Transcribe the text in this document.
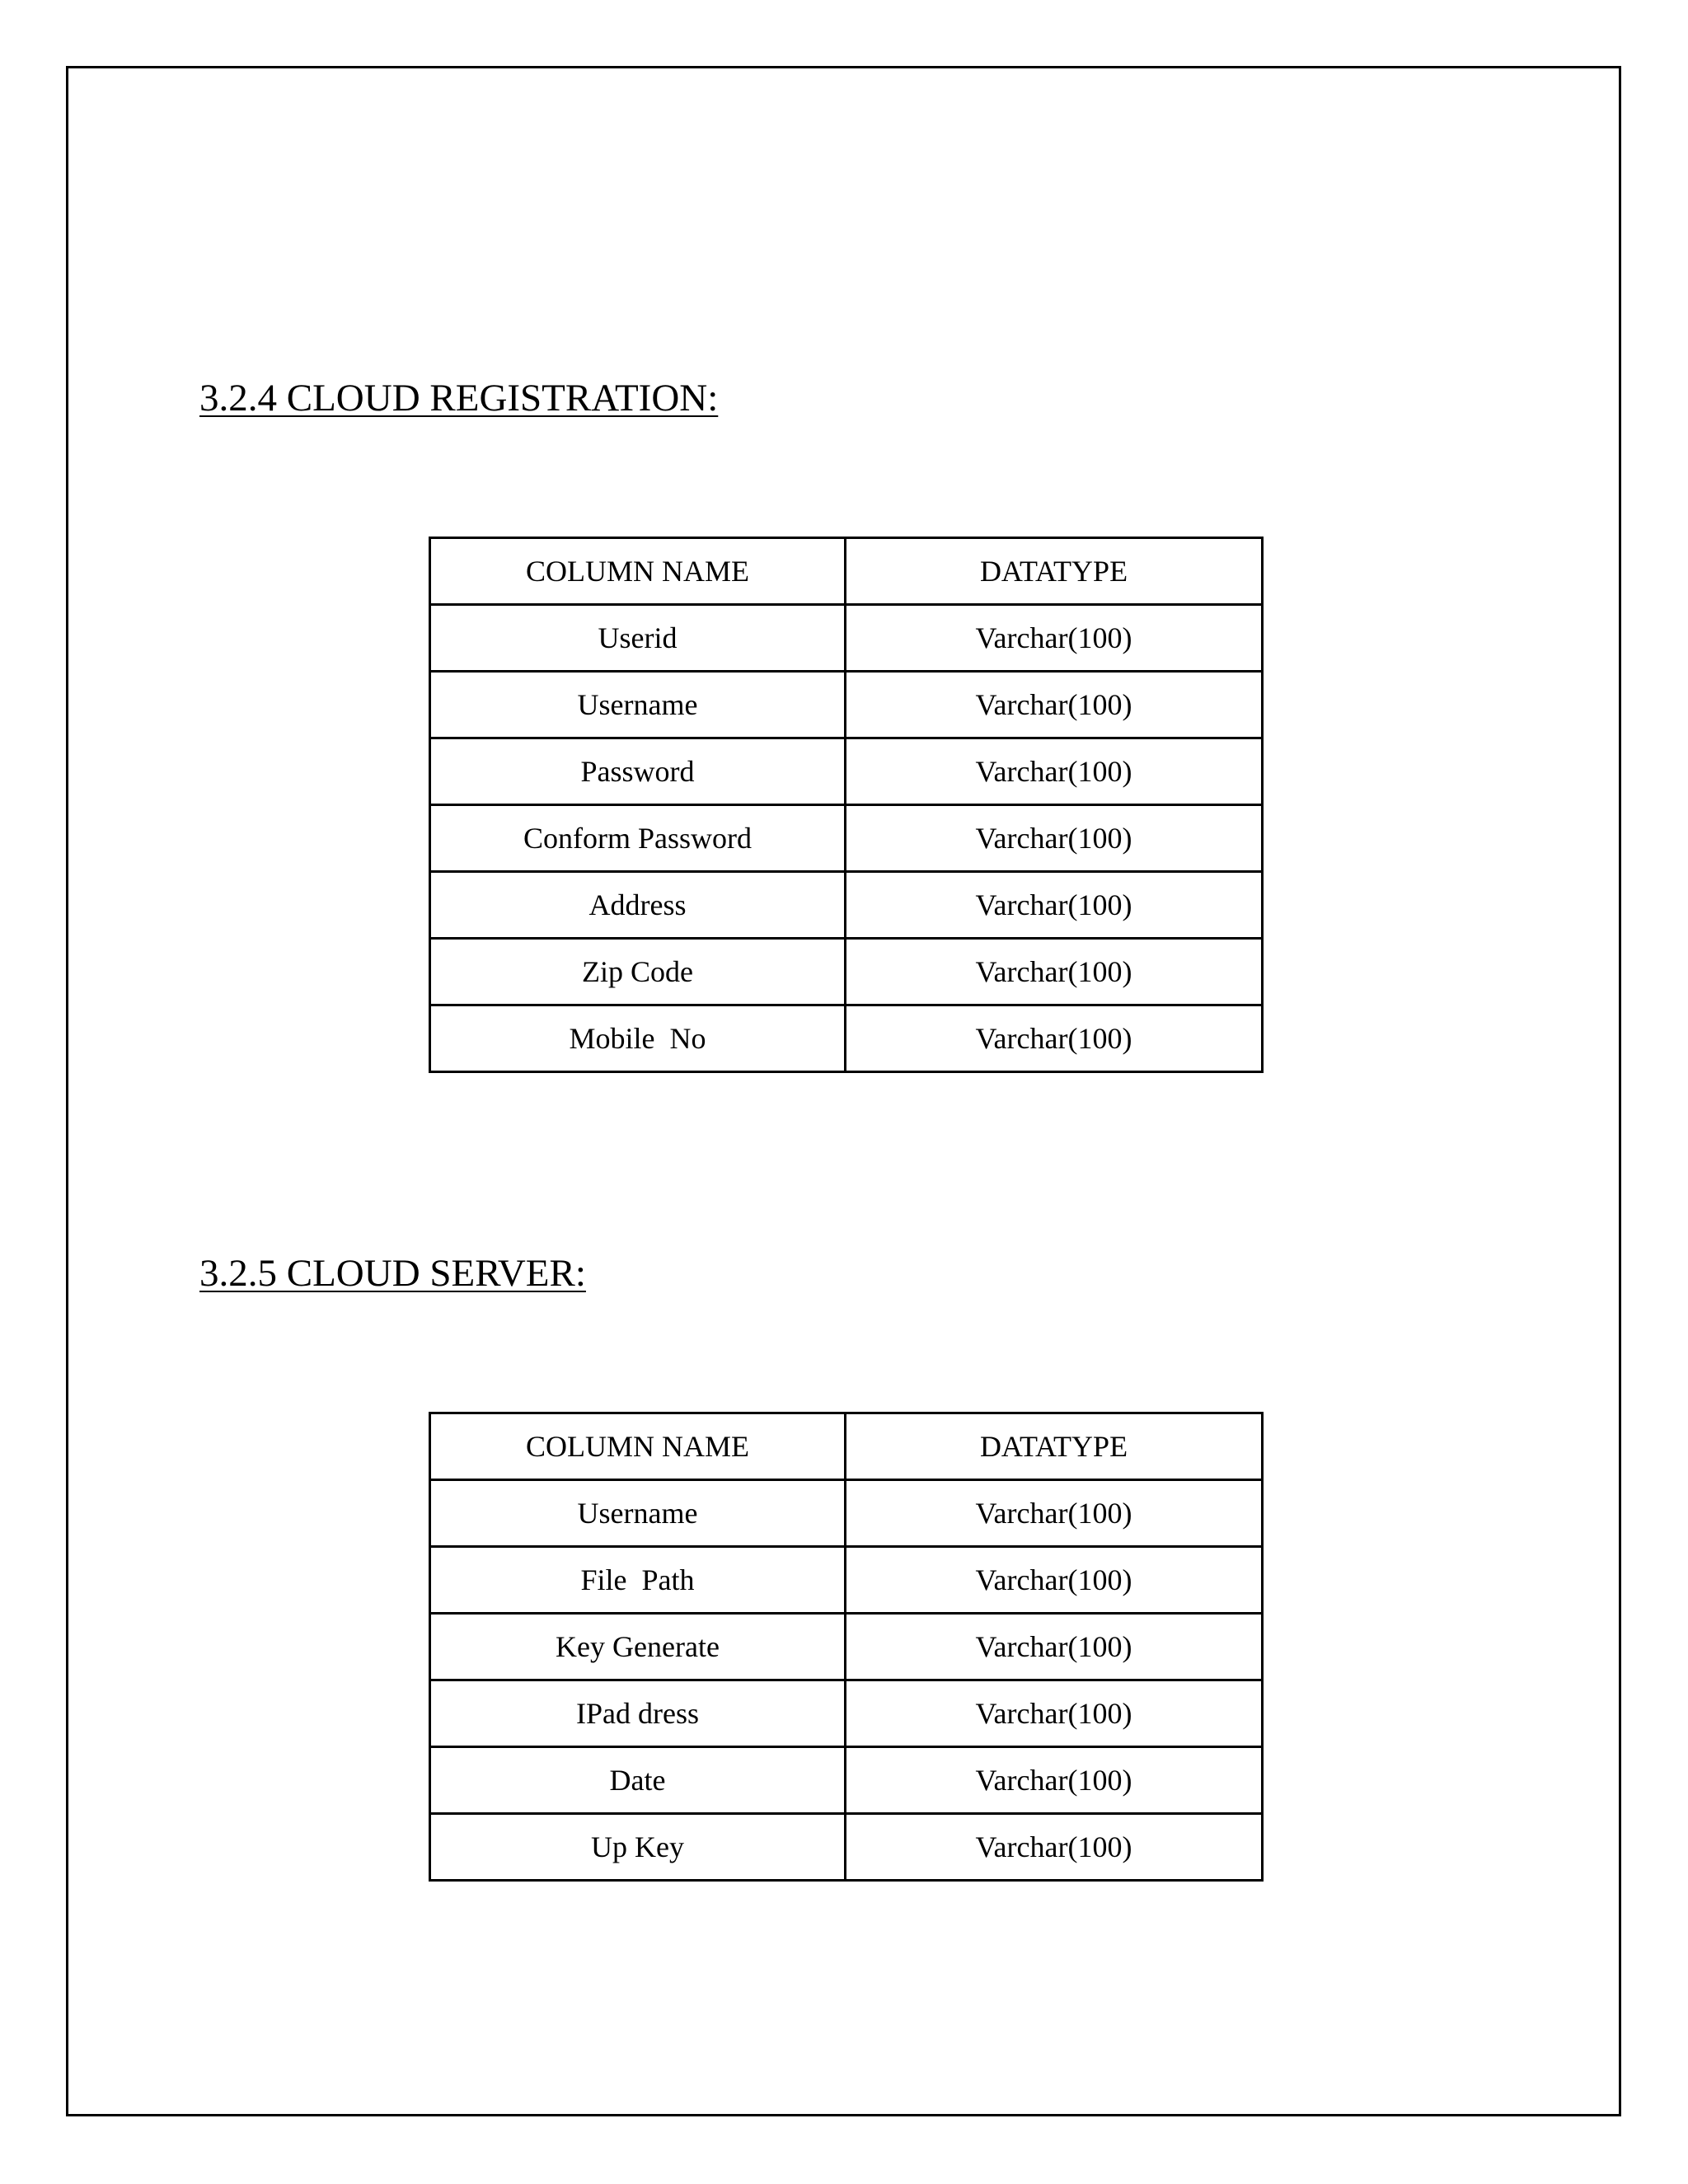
3.2.4 CLOUD REGISTRATION:
COLUMN NAME	DATATYPE
Userid	Varchar(100)
Username	Varchar(100)
Password	Varchar(100)
Conform Password	Varchar(100)
Address	Varchar(100)
Zip Code	Varchar(100)
Mobile  No	Varchar(100)
3.2.5 CLOUD SERVER:
COLUMN NAME	DATATYPE
Username	Varchar(100)
File  Path	Varchar(100)
Key Generate	Varchar(100)
IPad dress	Varchar(100)
Date	Varchar(100)
Up Key	Varchar(100)
